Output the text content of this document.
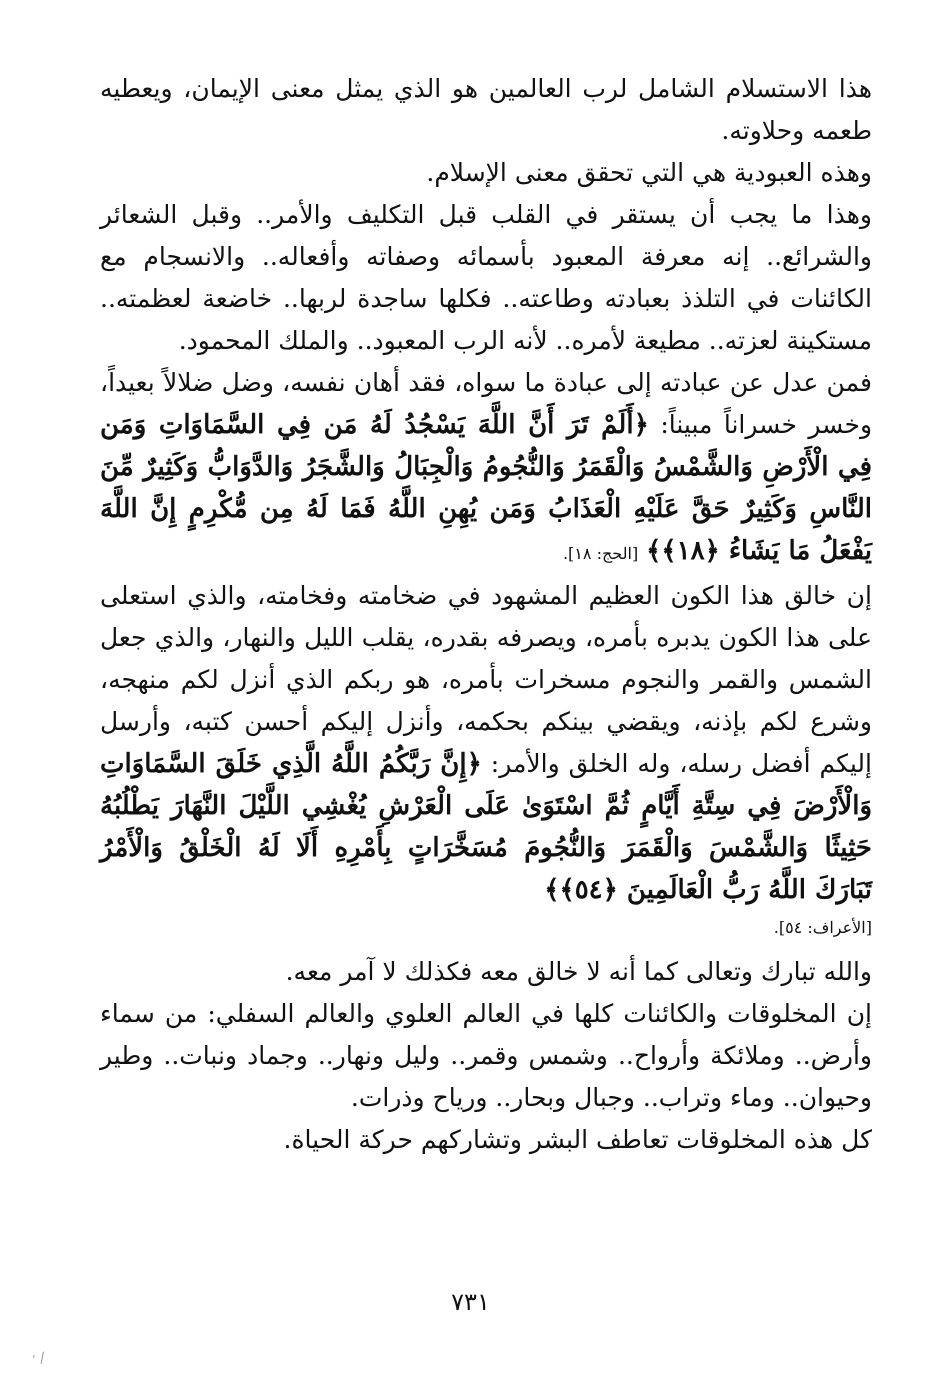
هذا الاستسلام الشامل لرب العالمين هو الذي يمثل معنى الإيمان، ويعطيه طعمه وحلاوته.

وهذه العبودية هي التي تحقق معنى الإسلام.

وهذا ما يجب أن يستقر في القلب قبل التكليف والأمر.. وقبل الشعائر والشرائع.. إنه معرفة المعبود بأسمائه وصفاته وأفعاله.. والانسجام مع الكائنات في التلذذ بعبادته وطاعته.. فكلها ساجدة لربها.. خاضعة لعظمته.. مستكينة لعزته.. مطيعة لأمره.. لأنه الرب المعبود.. والملك المحمود.

فمن عدل عن عبادته إلى عبادة ما سواه، فقد أهان نفسه، وضل ضلالاً بعيداً، وخسر خسراناً مبيناً: ﴿أَلَمْ تَرَ أَنَّ اللَّهَ يَسْجُدُ لَهُ مَن فِي السَّمَاوَاتِ وَمَن فِي الْأَرْضِ وَالشَّمْسُ وَالْقَمَرُ وَالنُّجُومُ وَالْجِبَالُ وَالشَّجَرُ وَالدَّوَابُّ وَكَثِيرٌ مِّنَ النَّاسِ وَكَثِيرٌ حَقَّ عَلَيْهِ الْعَذَابُ وَمَن يُهِنِ اللَّهُ فَمَا لَهُ مِن مُّكْرِمٍ إِنَّ اللَّهَ يَفْعَلُ مَا يَشَاءُ ﴿١٨﴾﴾ [الحج: ١٨].

إن خالق هذا الكون العظيم المشهود في ضخامته وفخامته، والذي استعلى على هذا الكون يدبره بأمره، ويصرفه بقدره، يقلب الليل والنهار، والذي جعل الشمس والقمر والنجوم مسخرات بأمره، هو ربكم الذي أنزل لكم منهجه، وشرع لكم بإذنه، ويقضي بينكم بحكمه، وأنزل إليكم أحسن كتبه، وأرسل إليكم أفضل رسله، وله الخلق والأمر: ﴿إِنَّ رَبَّكُمُ اللَّهُ الَّذِي خَلَقَ السَّمَاوَاتِ وَالْأَرْضَ فِي سِتَّةِ أَيَّامٍ ثُمَّ اسْتَوَىٰ عَلَى الْعَرْشِ يُغْشِي اللَّيْلَ النَّهَارَ يَطْلُبُهُ حَثِيثًا وَالشَّمْسَ وَالْقَمَرَ وَالنُّجُومَ مُسَخَّرَاتٍ بِأَمْرِهِ أَلَا لَهُ الْخَلْقُ وَالْأَمْرُ تَبَارَكَ اللَّهُ رَبُّ الْعَالَمِينَ ﴿٥٤﴾﴾

[الأعراف: ٥٤].

والله تبارك وتعالى كما أنه لا خالق معه فكذلك لا آمر معه.

إن المخلوقات والكائنات كلها في العالم العلوي والعالم السفلي: من سماء وأرض.. وملائكة وأرواح.. وشمس وقمر.. وليل ونهار.. وجماد ونبات.. وطير وحيوان.. وماء وتراب.. وجبال وبحار.. ورياح وذرات.

كل هذه المخلوقات تعاطف البشر وتشاركهم حركة الحياة.

٧٣١
′ ⁄
